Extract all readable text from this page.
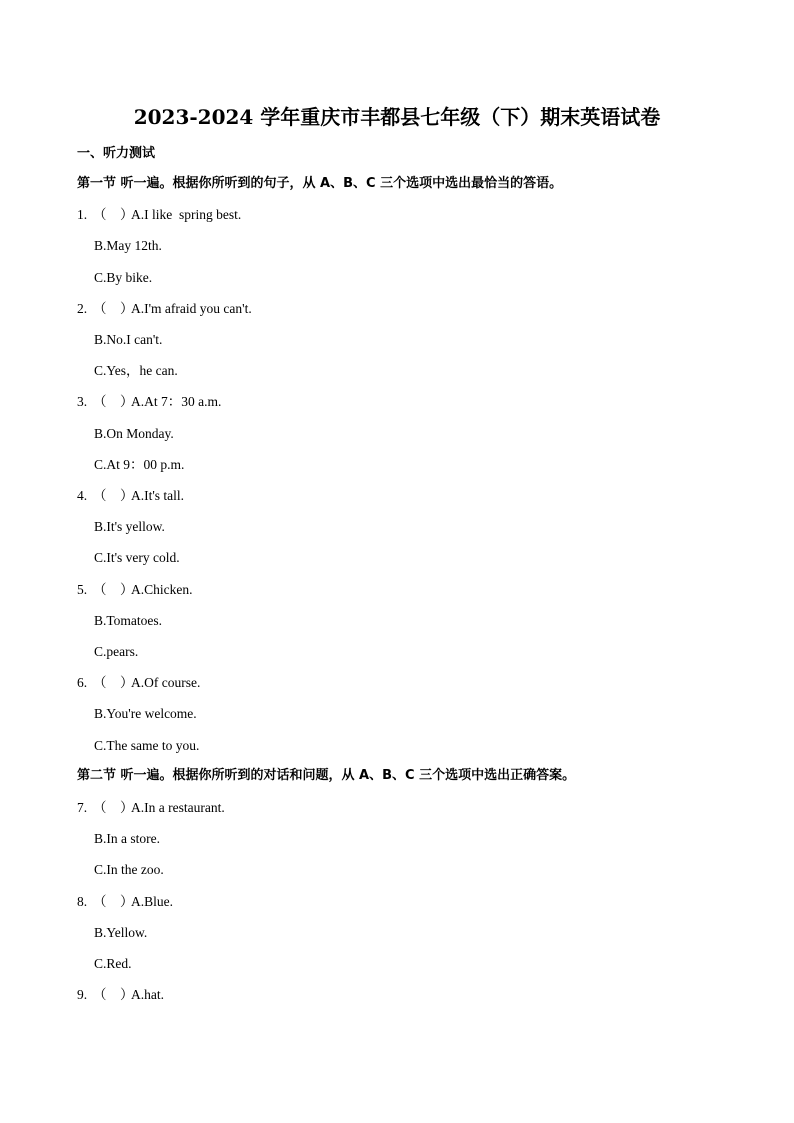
2023-2024 学年重庆市丰都县七年级（下）期末英语试卷
一、听力测试
第一节 听一遍。根据你所听到的句子，从 A、B、C 三个选项中选出最恰当的答语。
1. （    ）A.I like  spring best.
B.May 12th.
C.By bike.
2. （    ）A.I'm afraid you can't.
B.No.I can't.
C.Yes，he can.
3. （    ）A.At 7：30 a.m.
B.On Monday.
C.At 9：00 p.m.
4. （    ）A.It's tall.
B.It's yellow.
C.It's very cold.
5. （    ）A.Chicken.
B.Tomatoes.
C.pears.
6. （    ）A.Of course.
B.You're welcome.
C.The same to you.
第二节 听一遍。根据你所听到的对话和问题，从 A、B、C 三个选项中选出正确答案。
7. （    ）A.In a restaurant.
B.In a store.
C.In the zoo.
8. （    ）A.Blue.
B.Yellow.
C.Red.
9. （    ）A.hat.
